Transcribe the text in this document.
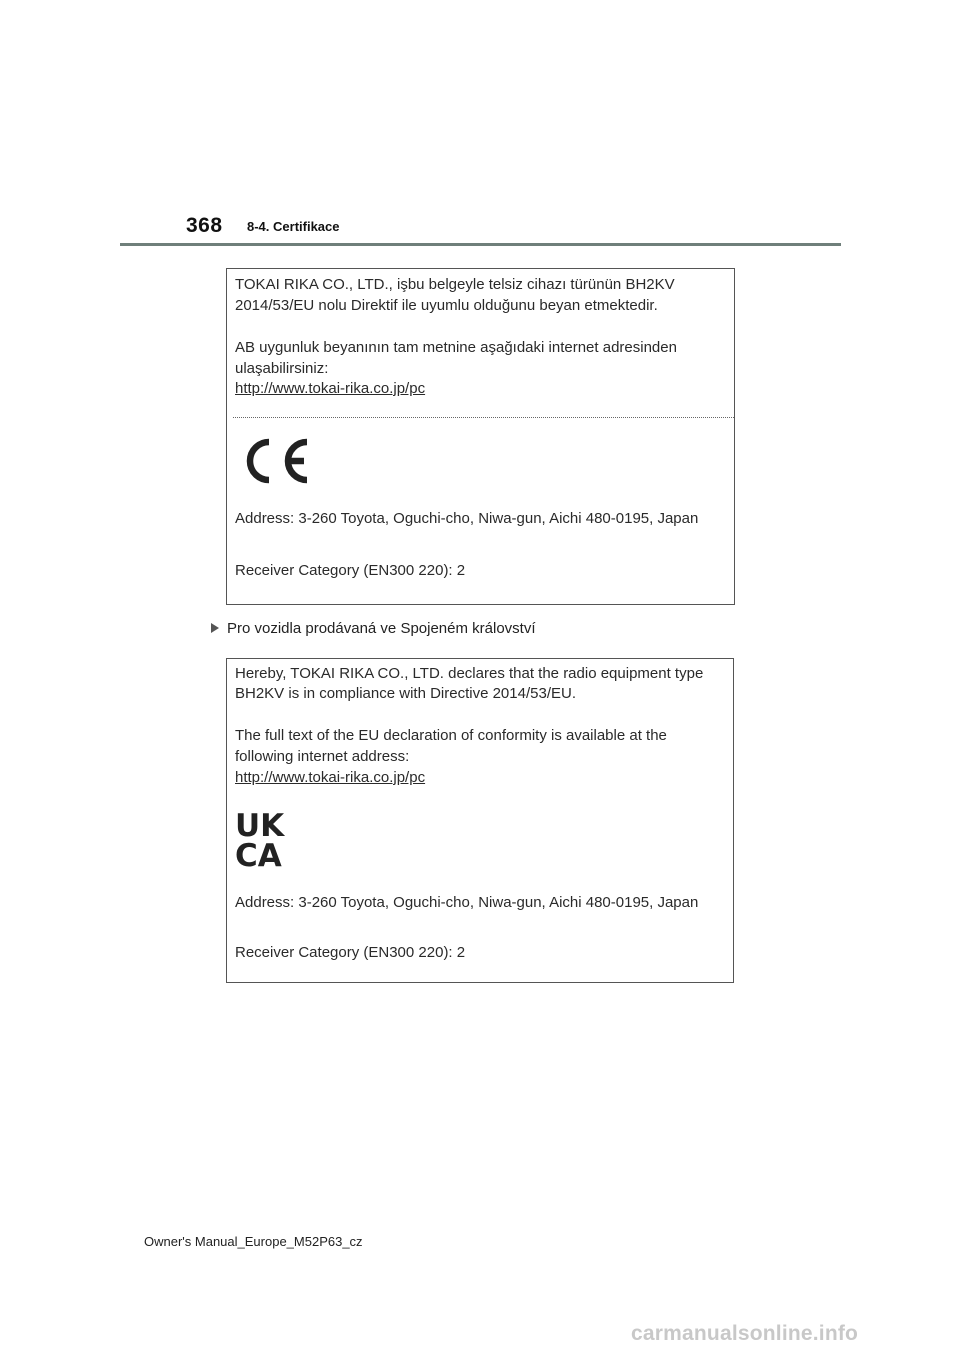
368 8-4. Certifikace
TOKAI RIKA CO., LTD., işbu belgeyle telsiz cihazı türünün BH2KV
2014/53/EU nolu Direktif ile uyumlu olduğunu beyan etmektedir.
AB uygunluk beyanının tam metnine aşağıdaki internet adresinden
ulaşabilirsiniz:
http://www.tokai-rika.co.jp/pc
Address: 3-260 Toyota, Oguchi-cho, Niwa-gun, Aichi 480-0195, Japan
Receiver Category (EN300 220): 2
Pro vozidla prodávaná ve Spojeném království
Hereby, TOKAI RIKA CO., LTD. declares that the radio equipment type
BH2KV is in compliance with Directive 2014/53/EU.
The full text of the EU declaration of conformity is available at the
following internet address:
http://www.tokai-rika.co.jp/pc
UK
CA
Address: 3-260 Toyota, Oguchi-cho, Niwa-gun, Aichi 480-0195, Japan
Receiver Category (EN300 220): 2
Owner's Manual_Europe_M52P63_cz
carmanualsonline.info
